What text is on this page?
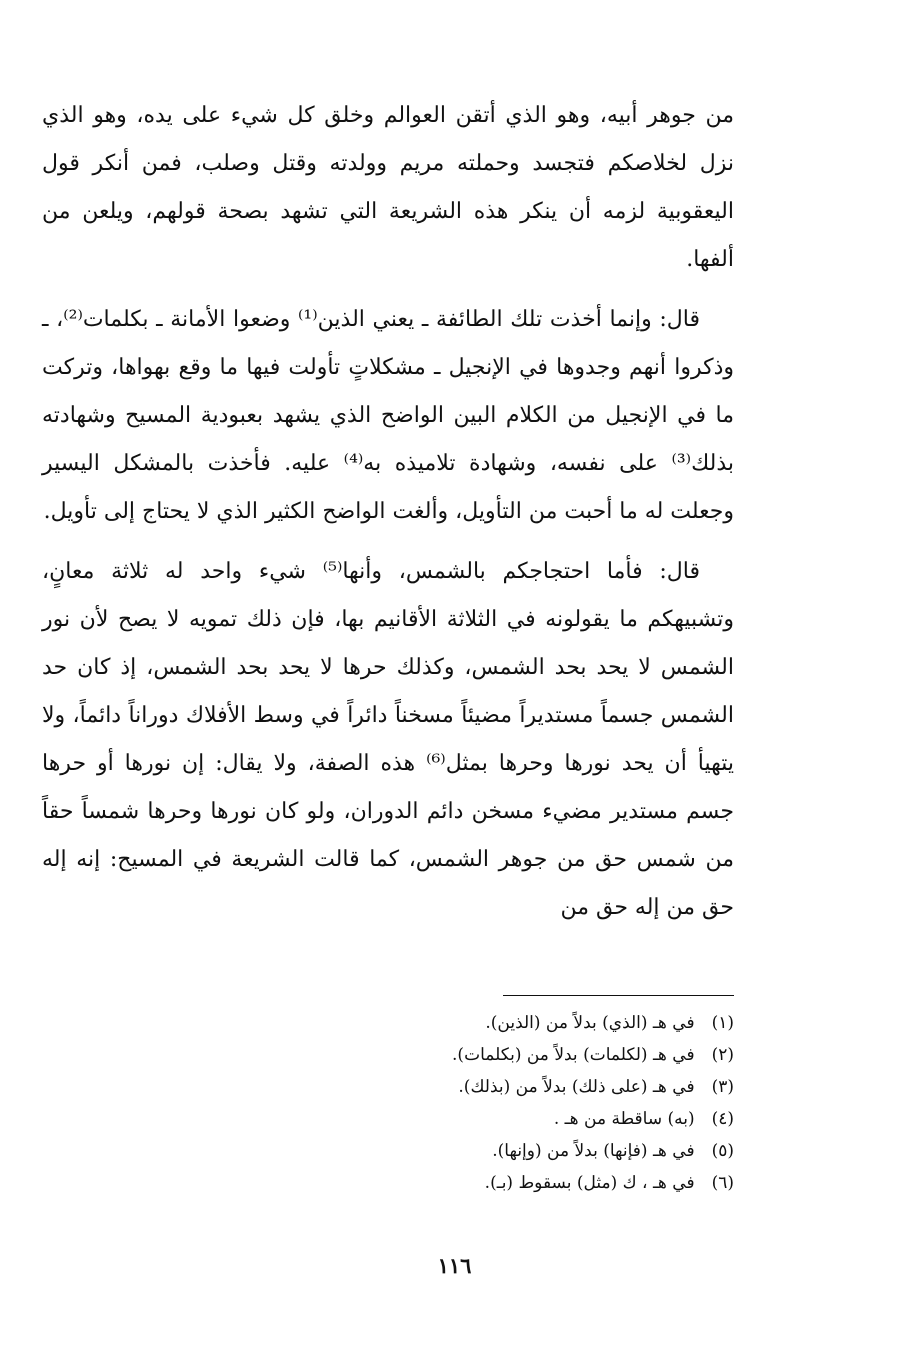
من جوهر أبيه، وهو الذي أتقن العوالم وخلق كل شيء على يده، وهو الذي نزل لخلاصكم فتجسد وحملته مريم وولدته وقتل وصلب، فمن أنكر قول اليعقوبية لزمه أن ينكر هذه الشريعة التي تشهد بصحة قولهم، ويلعن من ألفها.

قال: وإنما أخذت تلك الطائفة ـ يعني الذين⁽¹⁾ وضعوا الأمانة ـ بكلمات⁽²⁾، ـ وذكروا أنهم وجدوها في الإنجيل ـ مشكلاتٍ تأولت فيها ما وقع بهواها، وتركت ما في الإنجيل من الكلام البين الواضح الذي يشهد بعبودية المسيح وشهادته بذلك⁽³⁾ على نفسه، وشهادة تلاميذه به⁽⁴⁾ عليه. فأخذت بالمشكل اليسير وجعلت له ما أحبت من التأويل، وألغت الواضح الكثير الذي لا يحتاج إلى تأويل.

قال: فأما احتجاجكم بالشمس، وأنها⁽⁵⁾ شيء واحد له ثلاثة معانٍ، وتشبيهكم ما يقولونه في الثلاثة الأقانيم بها، فإن ذلك تمويه لا يصح لأن نور الشمس لا يحد بحد الشمس، وكذلك حرها لا يحد بحد الشمس، إذ كان حد الشمس جسماً مستديراً مضيئاً مسخناً دائراً في وسط الأفلاك دوراناً دائماً، ولا يتهيأ أن يحد نورها وحرها بمثل⁽⁶⁾ هذه الصفة، ولا يقال: إن نورها أو حرها جسم مستدير مضيء مسخن دائم الدوران، ولو كان نورها وحرها شمساً حقاً من شمس حق من جوهر الشمس، كما قالت الشريعة في المسيح: إنه إله حق من إله حق من

(١) في هـ (الذي) بدلاً من (الذين).
(٢) في هـ (لكلمات) بدلاً من (بكلمات).
(٣) في هـ (على ذلك) بدلاً من (بذلك).
(٤) (به) ساقطة من هـ .
(٥) في هـ (فإنها) بدلاً من (وإنها).
(٦) في هـ ، ك (مثل) بسقوط (بـ).
١١٦
